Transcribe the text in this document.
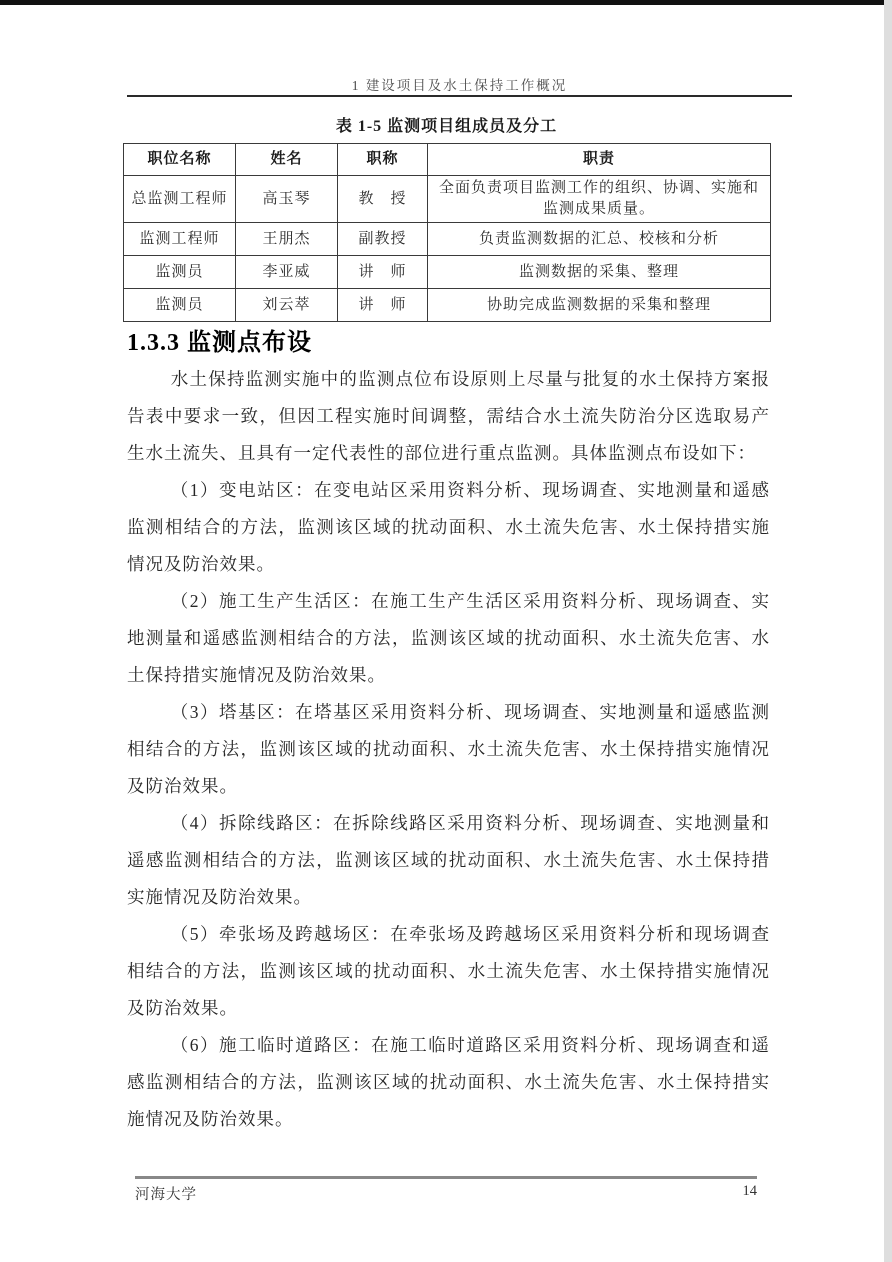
1 建设项目及水土保持工作概况
表 1-5 监测项目组成员及分工
职位名称	姓名	职称	职责
总监测工程师	高玉琴	教　授	全面负责项目监测工作的组织、协调、实施和监测成果质量。
监测工程师	王朋杰	副教授	负责监测数据的汇总、校核和分析
监测员	李亚威	讲　师	监测数据的采集、整理
监测员	刘云萃	讲　师	协助完成监测数据的采集和整理
1.3.3 监测点布设

水土保持监测实施中的监测点位布设原则上尽量与批复的水土保持方案报告表中要求一致，但因工程实施时间调整，需结合水土流失防治分区选取易产生水土流失、且具有一定代表性的部位进行重点监测。具体监测点布设如下：

（1）变电站区：在变电站区采用资料分析、现场调查、实地测量和遥感监测相结合的方法，监测该区域的扰动面积、水土流失危害、水土保持措实施情况及防治效果。

（2）施工生产生活区：在施工生产生活区采用资料分析、现场调查、实地测量和遥感监测相结合的方法，监测该区域的扰动面积、水土流失危害、水土保持措实施情况及防治效果。

（3）塔基区：在塔基区采用资料分析、现场调查、实地测量和遥感监测相结合的方法，监测该区域的扰动面积、水土流失危害、水土保持措实施情况及防治效果。

（4）拆除线路区：在拆除线路区采用资料分析、现场调查、实地测量和遥感监测相结合的方法，监测该区域的扰动面积、水土流失危害、水土保持措实施情况及防治效果。

（5）牵张场及跨越场区：在牵张场及跨越场区采用资料分析和现场调查相结合的方法，监测该区域的扰动面积、水土流失危害、水土保持措实施情况及防治效果。

（6）施工临时道路区：在施工临时道路区采用资料分析、现场调查和遥感监测相结合的方法，监测该区域的扰动面积、水土流失危害、水土保持措实施情况及防治效果。

河海大学	14
